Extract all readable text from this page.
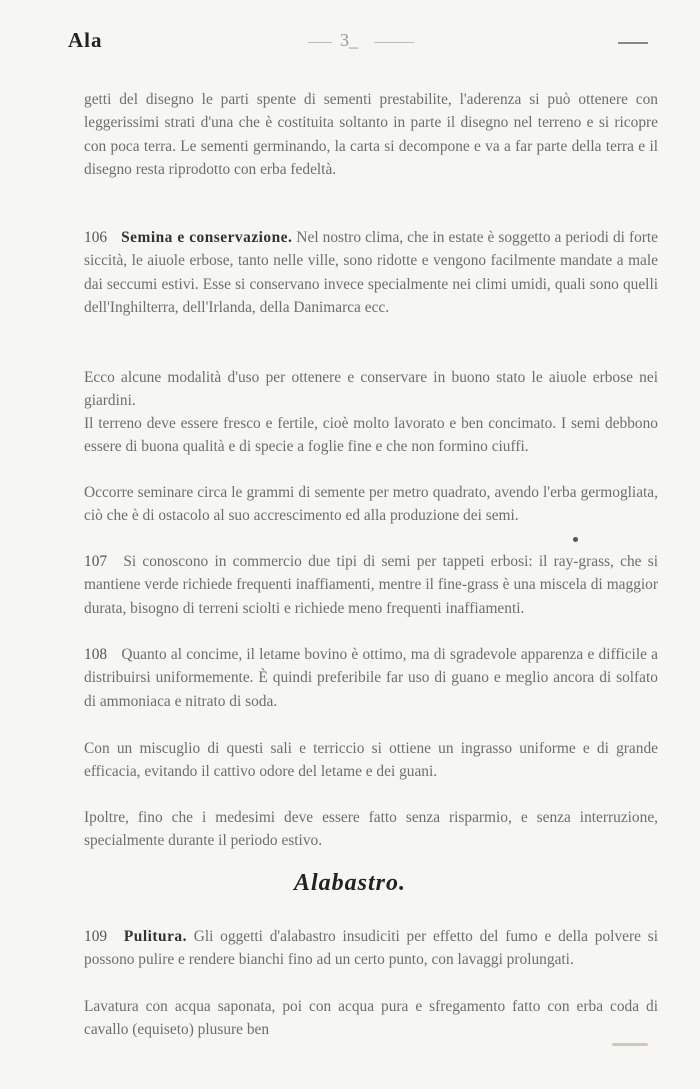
Ala	3_

getti del disegno le parti spente di sementi prestabilite, l'aderenza si può ottenere con leggerissimi strati d'una che è costituita soltanto in parte il disegno nel terreno e si ricopre con poca terra. Le sementi germinando, la carta si decompone e va a far parte della terra e il disegno resta riprodotto con erba fedeltà.

106 Semina e conservazione. Nel nostro clima, che in estate è soggetto a periodi di forte siccità, le aiuole erbose, tanto nelle ville, sono ridotte e vengono facilmente mandate a male dai seccumi estivi. Esse si conservano invece specialmente nei climi umidi, quali sono quelli dell'Inghilterra, dell'Irlanda, della Danimarca ecc.

Ecco alcune modalità d'uso per ottenere e conservare in buono stato le aiuole erbose nei giardini.

Il terreno deve essere fresco e fertile, cioè molto lavorato e ben concimato. I semi debbono essere di buona qualità e di specie a foglie fine e che non formino ciuffi.

Occorre seminare circa le grammi di semente per metro quadrato, avendo l'erba germogliata, ciò che è di ostacolo al suo accrescimento ed alla produzione dei semi.

107 Si conoscono in commercio due tipi di semi per tappeti erbosi: il ray-grass, che si mantiene verde richiede frequenti inaffiamenti, mentre il fine-grass è una miscela di maggior durata, bisogno di terreni sciolti e richiede meno frequenti inaffiamenti.

108 Quanto al concime, il letame bovino è ottimo, ma di sgradevole apparenza e difficile a distribuirsi uniformemente. È quindi preferibile far uso di guano e meglio ancora di solfato di ammoniaca e nitrato di soda.

Con un miscuglio di questi sali e terriccio si ottiene un ingrasso uniforme e di grande efficacia, evitando il cattivo odore del letame e dei guani.

Ipoltre, fino che i medesimi deve essere fatto senza risparmio, e senza interruzione, specialmente durante il periodo estivo.

Alabastro.

109 Pulitura. Gli oggetti d'alabastro insudiciti per effetto del fumo e della polvere si possono pulire e rendere bianchi fino ad un certo punto, con lavaggi prolungati.

Lavatura con acqua saponata, poi con acqua pura e sfregamento fatto con erba coda di cavallo (equiseto) plusure ben
